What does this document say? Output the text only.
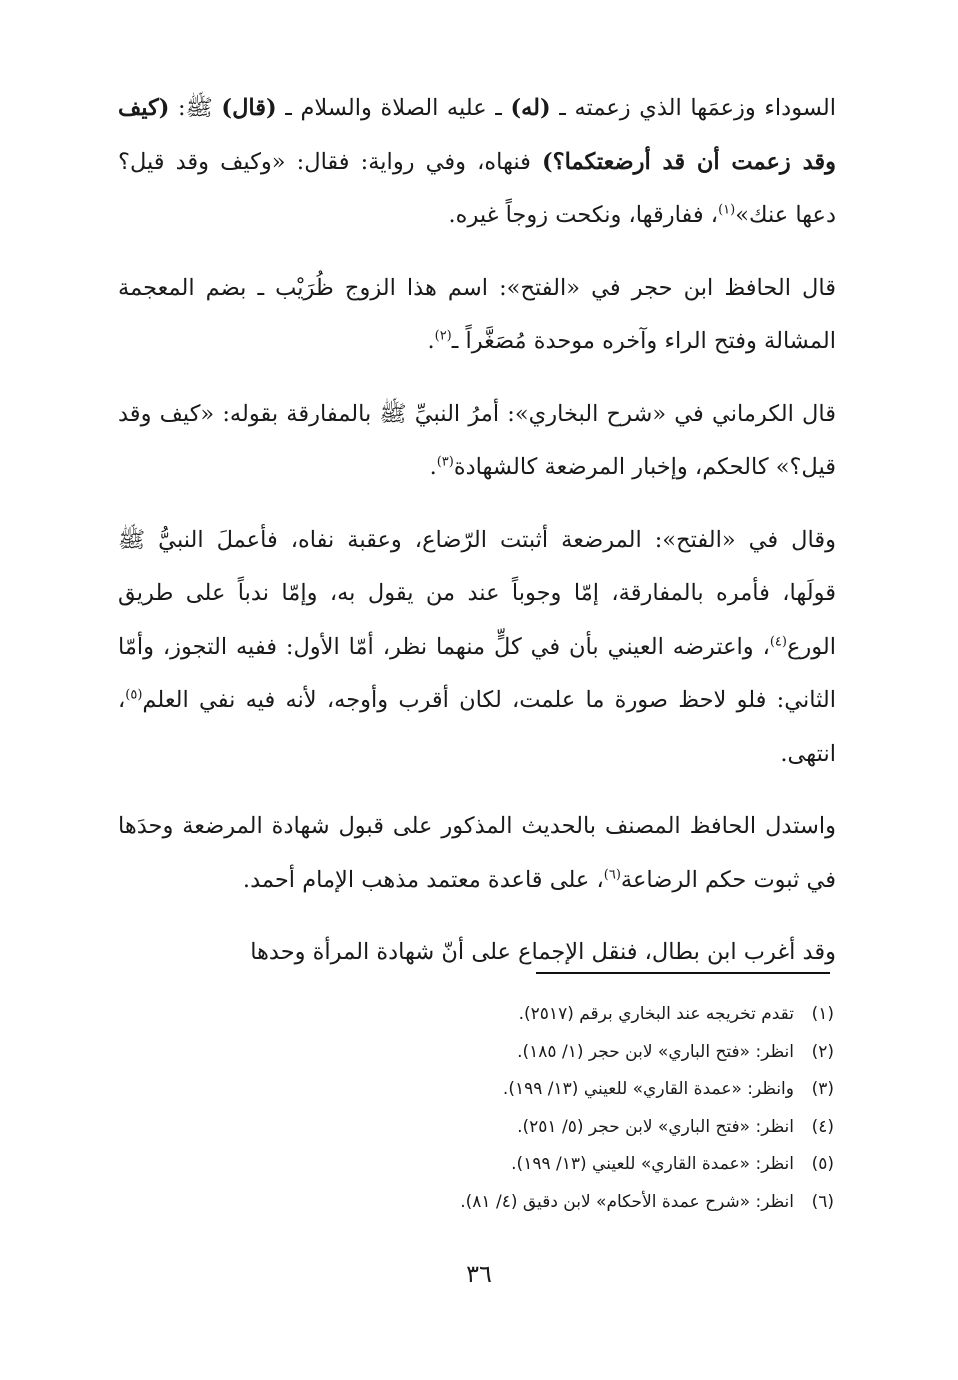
السوداء وزعمَها الذي زعمته ـ (له) ـ عليه الصلاة والسلام ـ (قال) ﷺ: (كيف وقد زعمت أن قد أرضعتكما؟) فنهاه، وفي رواية: فقال: «وكيف وقد قيل؟ دعها عنك»$^{(١)}$، ففارقها، ونكحت زوجاً غيره.

قال الحافظ ابن حجر في «الفتح»: اسم هذا الزوج ظُرَيْب ـ بضم المعجمة المشالة وفتح الراء وآخره موحدة مُصَغَّراً ـ$^{(٢)}$.

قال الكرماني في «شرح البخاري»: أمرُ النبيِّ ﷺ بالمفارقة بقوله: «كيف وقد قيل؟» كالحكم، وإخبار المرضعة كالشهادة$^{(٣)}$.

وقال في «الفتح»: المرضعة أثبتت الرّضاع، وعقبة نفاه، فأعملَ النبيُّ ﷺ قولَها، فأمره بالمفارقة، إمّا وجوباً عند من يقول به، وإمّا ندباً على طريق الورع$^{(٤)}$، واعترضه العيني بأن في كلٍّ منهما نظر، أمّا الأول: ففيه التجوز، وأمّا الثاني: فلو لاحظ صورة ما علمت، لكان أقرب وأوجه، لأنه فيه نفي العلم$^{(٥)}$، انتهى.

واستدل الحافظ المصنف بالحديث المذكور على قبول شهادة المرضعة وحدَها في ثبوت حكم الرضاعة$^{(٦)}$، على قاعدة معتمد مذهب الإمام أحمد.

وقد أغرب ابن بطال، فنقل الإجماع على أنّ شهادة المرأة وحدها

(١)تقدم تخريجه عند البخاري برقم (٢٥١٧).
(٢)انظر: «فتح الباري» لابن حجر (١/ ١٨٥).
(٣)وانظر: «عمدة القاري» للعيني (١٣/ ١٩٩).
(٤)انظر: «فتح الباري» لابن حجر (٥/ ٢٥١).
(٥)انظر: «عمدة القاري» للعيني (١٣/ ١٩٩).
(٦)انظر: «شرح عمدة الأحكام» لابن دقيق (٤/ ٨١).
٣٦
